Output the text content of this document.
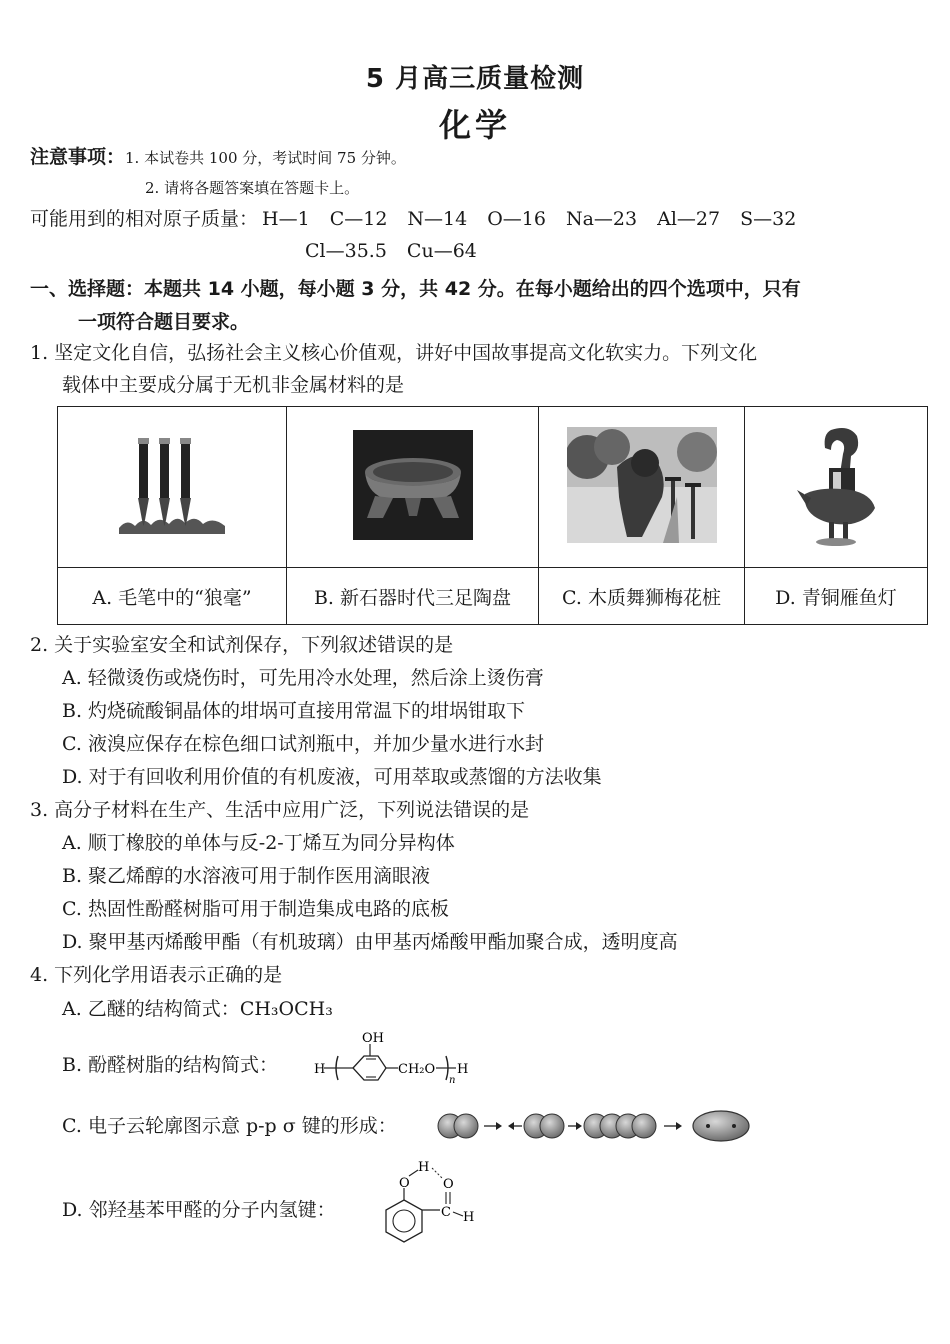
5 月高三质量检测
化学
注意事项：1. 本试卷共 100 分，考试时间 75 分钟。
2. 请将各题答案填在答题卡上。
可能用到的相对原子质量： H—1 C—12 N—14 O—16 Na—23 Al—27 S—32
Cl—35.5 Cu—64
一、选择题：本题共 14 小题，每小题 3 分，共 42 分。在每小题给出的四个选项中，只有
一项符合题目要求。
1. 坚定文化自信，弘扬社会主义核心价值观，讲好中国故事提高文化软实力。下列文化
载体中主要成分属于无机非金属材料的是

A. 毛笔中的“狼毫”	B. 新石器时代三足陶盘	C. 木质舞狮梅花桩	D. 青铜雁鱼灯
2. 关于实验室安全和试剂保存，下列叙述错误的是
A. 轻微烫伤或烧伤时，可先用冷水处理，然后涂上烫伤膏
B. 灼烧硫酸铜晶体的坩埚可直接用常温下的坩埚钳取下
C. 液溴应保存在棕色细口试剂瓶中，并加少量水进行水封
D. 对于有回收利用价值的有机废液，可用萃取或蒸馏的方法收集
3. 高分子材料在生产、生活中应用广泛，下列说法错误的是
A. 顺丁橡胶的单体与反-2-丁烯互为同分异构体
B. 聚乙烯醇的水溶液可用于制作医用滴眼液
C. 热固性酚醛树脂可用于制造集成电路的底板
D. 聚甲基丙烯酸甲酯（有机玻璃）由甲基丙烯酸甲酯加聚合成，透明度高
4. 下列化学用语表示正确的是
A. 乙醚的结构简式：CH₃OCH₃
B. 酚醛树脂的结构简式：	H
OH
CH₂O
n
H
C. 电子云轮廓图示意 p-p σ 键的形成：
D. 邻羟基苯甲醛的分子内氢键：
O
H
O
C H
